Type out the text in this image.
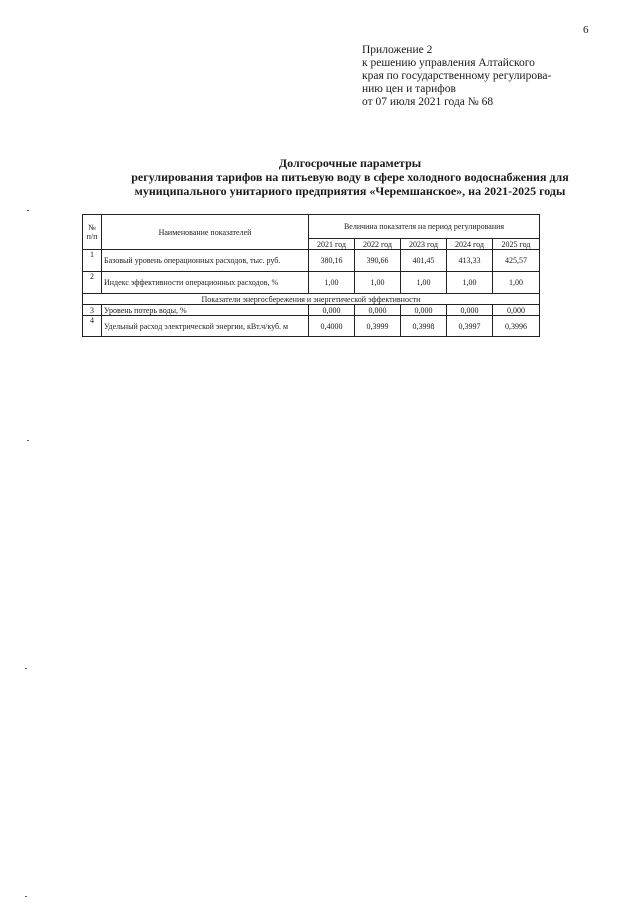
6
Приложение 2
к решению управления Алтайского
края по государственному регулирова-
нию цен и тарифов
от 07 июля 2021 года № 68
Долгосрочные параметры
регулирования тарифов на питьевую воду в сфере холодного водоснабжения для
муниципального унитариого предприятия «Черемшанское», на 2021-2025 годы
№ п/п	Наименование показателей	Величина показателя на период регулирования				
		2021 год	2022 год	2023 год	2024 год	2025 год
1	Базовый уровень операционных расходов, тыс. руб.	380,16	390,66	401,45	413,33	425,57
2	Индекс эффективности операционных расходов, %	1,00	1,00	1,00	1,00	1,00
Показатели энергосбережения и энергетической эффективности						
3	Уровень потерь воды, %	0,000	0,000	0,000	0,000	0,000
4	Удельный расход электрической энергии, кВт.ч/куб. м	0,4000	0,3999	0,3998	0,3997	0,3996
